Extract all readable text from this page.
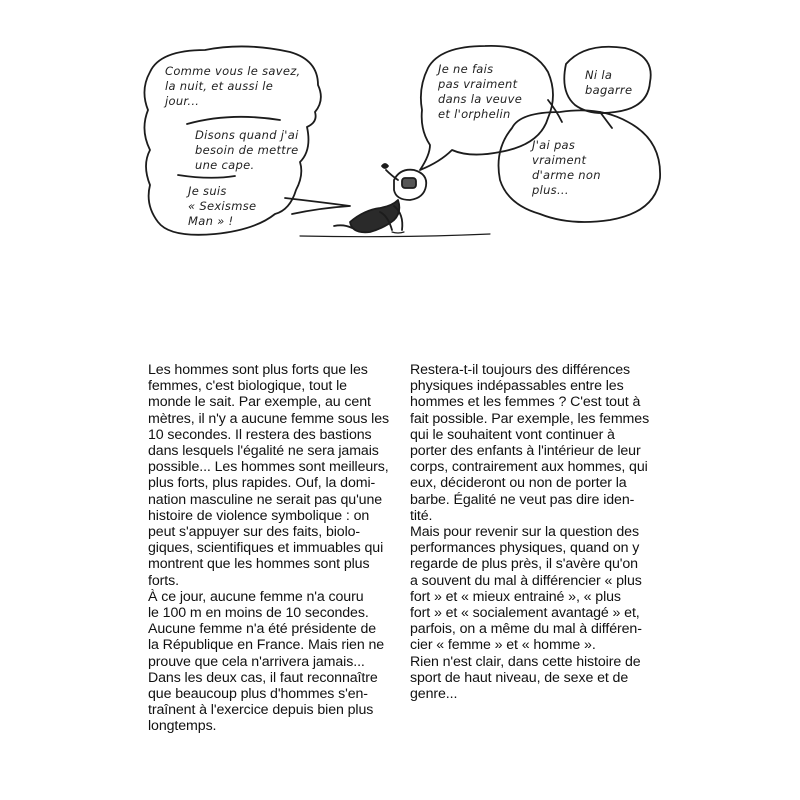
Comme vous le savez,
la nuit, et aussi le
jour...
Disons quand j'ai
besoin de mettre
une cape.
Je suis
« Sexismse
Man » !
Je ne fais
pas vraiment
dans la veuve
et l'orphelin
Ni la
bagarre
J'ai pas
vraiment
d'arme non
plus...
Les hommes sont plus forts que les
femmes, c'est biologique, tout le
monde le sait. Par exemple, au cent
mètres, il n'y a aucune femme sous les
10 secondes. Il restera des bastions
dans lesquels l'égalité ne sera jamais
possible... Les hommes sont meilleurs,
plus forts, plus rapides. Ouf, la domi-
nation masculine ne serait pas qu'une
histoire de violence symbolique : on
peut s'appuyer sur des faits, biolo-
giques, scientifiques et immuables qui
montrent que les hommes sont plus
forts.
À ce jour, aucune femme n'a couru
le 100 m en moins de 10 secondes.
Aucune femme n'a été présidente de
la République en France. Mais rien ne
prouve que cela n'arrivera jamais...
Dans les deux cas, il faut reconnaître
que beaucoup plus d'hommes s'en-
traînent à l'exercice depuis bien plus
longtemps.
Restera-t-il toujours des différences
physiques indépassables entre les
hommes et les femmes ? C'est tout à
fait possible. Par exemple, les femmes
qui le souhaitent vont continuer à
porter des enfants à l'intérieur de leur
corps, contrairement aux hommes, qui
eux, décideront ou non de porter la
barbe. Égalité ne veut pas dire iden-
tité.
Mais pour revenir sur la question des
performances physiques, quand on y
regarde de plus près, il s'avère qu'on
a souvent du mal à différencier « plus
fort » et « mieux entrainé », « plus
fort » et « socialement avantagé » et,
parfois, on a même du mal à différen-
cier « femme » et « homme ».
Rien n'est clair, dans cette histoire de
sport de haut niveau, de sexe et de
genre...
